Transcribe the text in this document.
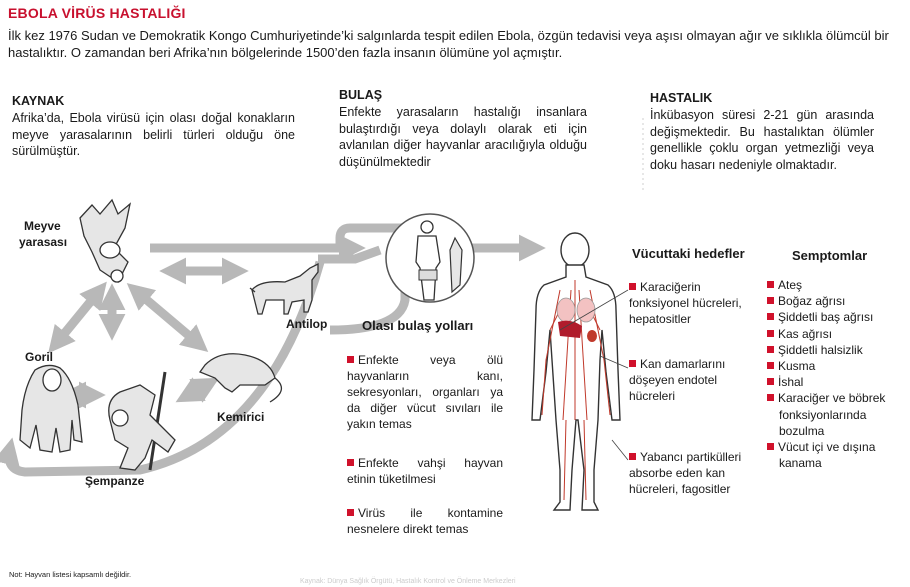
EBOLA VİRÜS HASTALIĞI
İlk kez 1976 Sudan ve Demokratik Kongo Cumhuriyetinde’ki salgınlarda tespit edilen Ebola, özgün tedavisi veya aşısı olmayan ağır ve sıklıkla ölümcül bir hastalıktır. O zamandan beri Afrika’nın bölgelerinde 1500’den fazla insanın ölümüne yol açmıştır.
KAYNAK
Afrika’da, Ebola virüsü için olası doğal konakların meyve yarasalarının belirli türleri olduğu öne sürülmüştür.
BULAŞ
Enfekte yarasaların hastalığı insanlara bulaştırdığı veya dolaylı olarak eti için avlanılan diğer hayvanlar aracılığıyla olduğu düşünülmektedir
HASTALIK
İnkübasyon süresi 2-21 gün arasında değişmektedir. Bu hastalıktan ölümler genellikle çoklu organ yetmezliği veya doku hasarı nedeniyle olmaktadır.
Meyve
yarasası
Antilop
Goril
Kemirici
Şempanze
Olası bulaş yolları
Enfekte veya ölü hayvanların kanı, sekresyonları, organları ya da diğer vücut sıvıları ile yakın temas
Enfekte vahşi hayvan etinin tüketilmesi
Virüs ile kontamine nesnelere direkt temas
Vücuttaki hedefler
Karaciğerin fonksiyonel hücreleri, hepatositler
Kan damarlarını döşeyen endotel hücreleri
Yabancı partikülleri absorbe eden kan hücreleri, fagositler
Semptomlar
Ateş
Boğaz ağrısı
Şiddetli baş ağrısı
Kas ağrısı
Şiddetli halsizlik
Kusma
İshal
Karaciğer ve böbrek fonksiyonlarında bozulma
Vücut içi ve dışına kanama
Not: Hayvan listesi kapsamlı değildir.
Kaynak: Dünya Sağlık Örgütü, Hastalık Kontrol ve Önleme Merkezleri
